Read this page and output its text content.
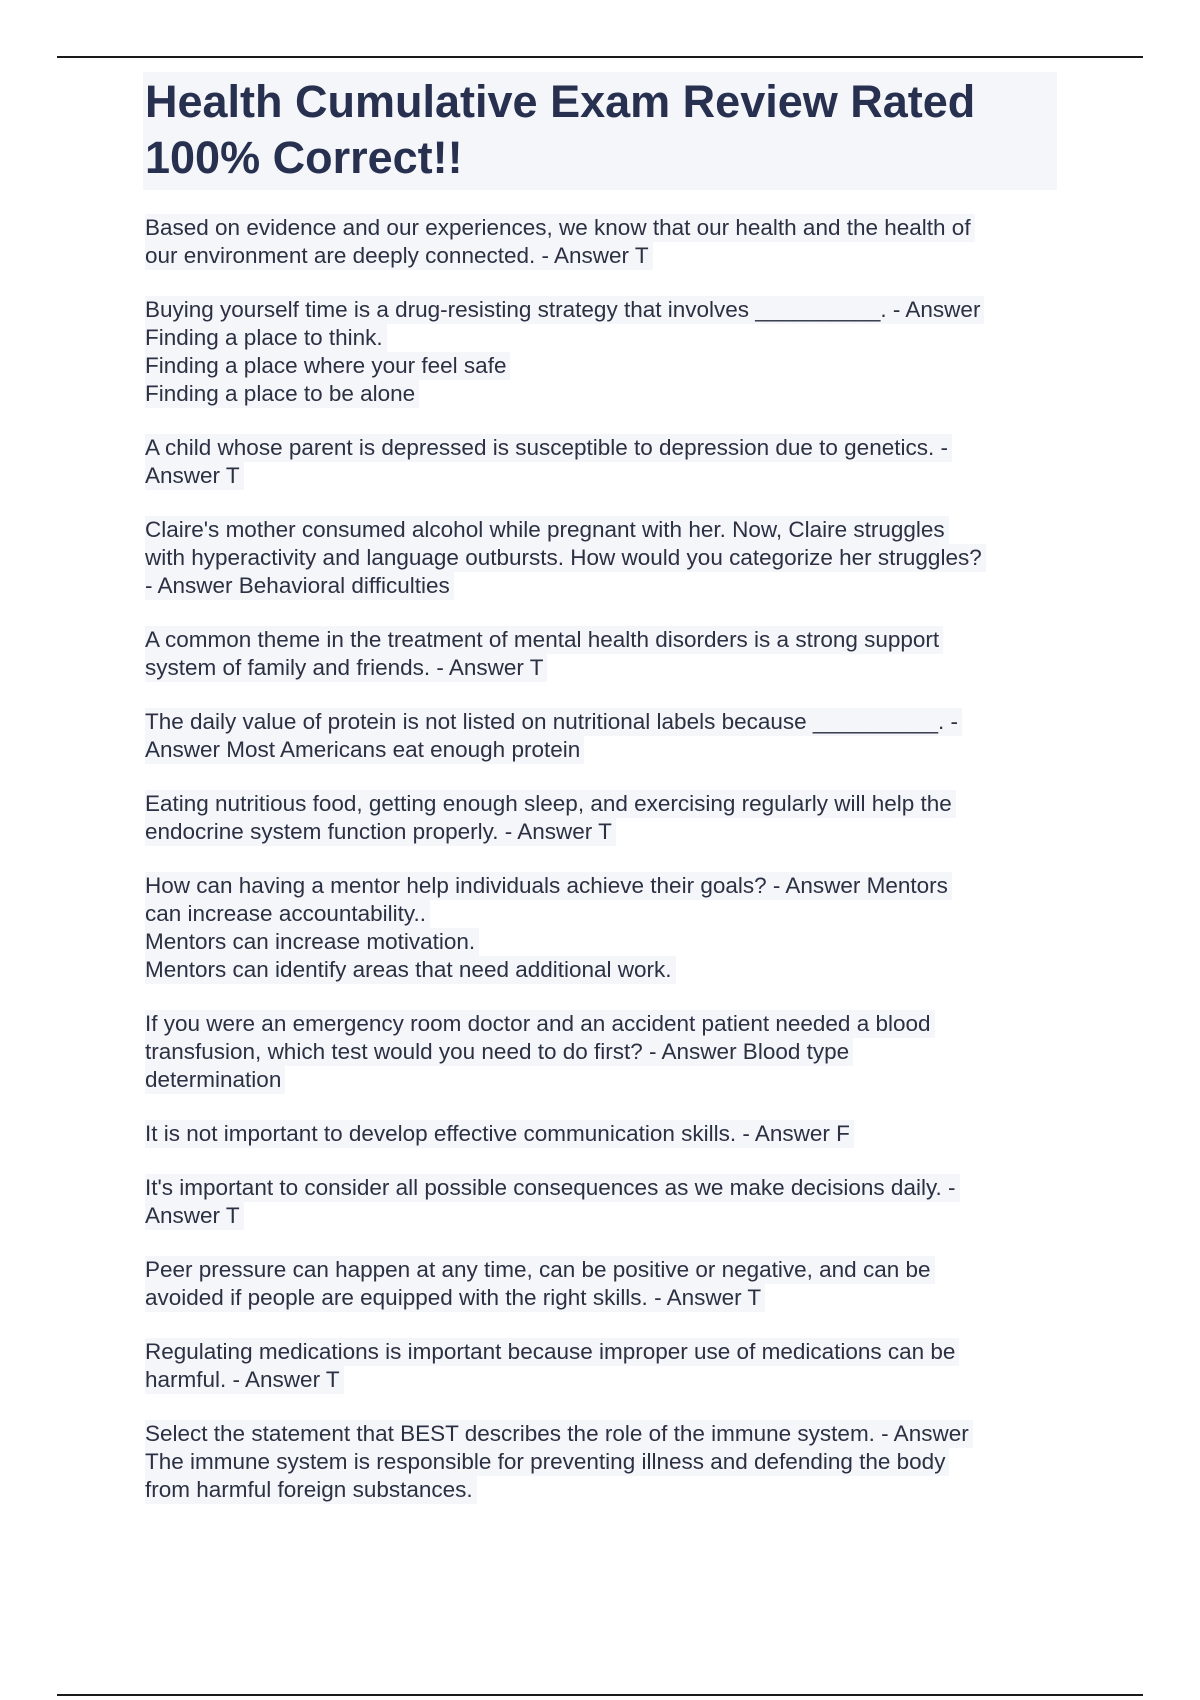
Health Cumulative Exam Review Rated 100% Correct!!
Based on evidence and our experiences, we know that our health and the health of
our environment are deeply connected. - Answer T
Buying yourself time is a drug-resisting strategy that involves __________. - Answer
Finding a place to think.
Finding a place where your feel safe
Finding a place to be alone
A child whose parent is depressed is susceptible to depression due to genetics. -
Answer T
Claire's mother consumed alcohol while pregnant with her. Now, Claire struggles
with hyperactivity and language outbursts. How would you categorize her struggles?
- Answer Behavioral difficulties
A common theme in the treatment of mental health disorders is a strong support
system of family and friends. - Answer T
The daily value of protein is not listed on nutritional labels because __________. -
Answer Most Americans eat enough protein
Eating nutritious food, getting enough sleep, and exercising regularly will help the
endocrine system function properly. - Answer T
How can having a mentor help individuals achieve their goals? - Answer Mentors
can increase accountability..
Mentors can increase motivation.
Mentors can identify areas that need additional work.
If you were an emergency room doctor and an accident patient needed a blood
transfusion, which test would you need to do first? - Answer Blood type
determination
It is not important to develop effective communication skills. - Answer F
It's important to consider all possible consequences as we make decisions daily. -
Answer T
Peer pressure can happen at any time, can be positive or negative, and can be
avoided if people are equipped with the right skills. - Answer T
Regulating medications is important because improper use of medications can be
harmful. - Answer T
Select the statement that BEST describes the role of the immune system. - Answer
The immune system is responsible for preventing illness and defending the body
from harmful foreign substances.
